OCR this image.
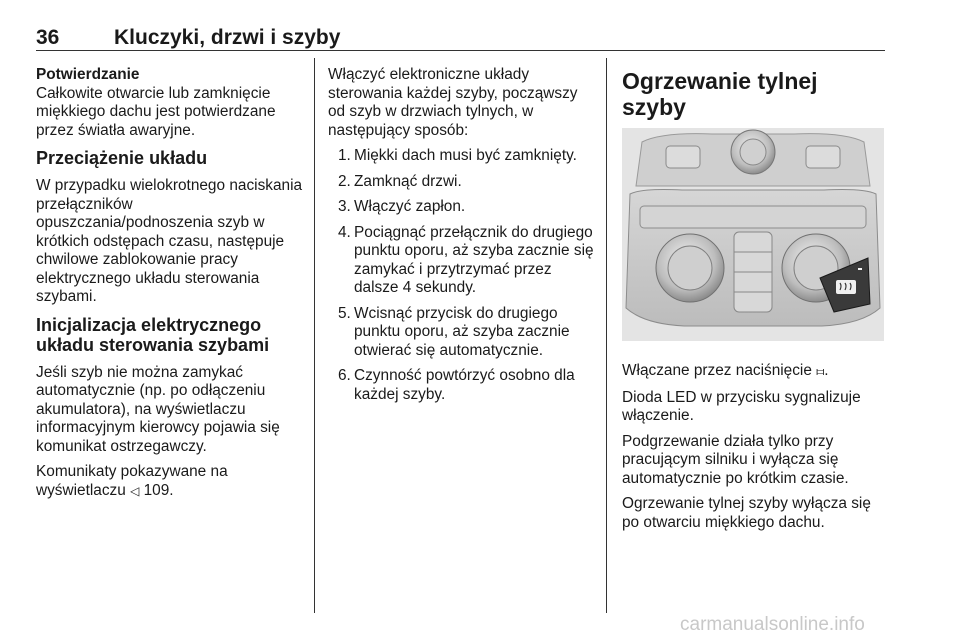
36	Kluczyki, drzwi i szyby
Potwierdzanie

Całkowite otwarcie lub zamknięcie miękkiego dachu jest potwierdzane przez światła awaryjne.

Przeciążenie układu

W przypadku wielokrotnego naciskania przełączników opuszczania/podnoszenia szyb w krótkich odstępach czasu, następuje chwilowe zablokowanie pracy elektrycznego układu sterowania szybami.

Inicjalizacja elektrycznego układu sterowania szybami

Jeśli szyb nie można zamykać automatycznie (np. po odłączeniu akumulatora), na wyświetlaczu informacyjnym kierowcy pojawia się komunikat ostrzegawczy.

Komunikaty pokazywane na wyświetlaczu ◁ 109.

Włączyć elektroniczne układy sterowania każdej szyby, począwszy od szyb w drzwiach tylnych, w następujący sposób:

1. Miękki dach musi być zamknięty.
2. Zamknąć drzwi.
3. Włączyć zapłon.
4. Pociągnąć przełącznik do drugiego punktu oporu, aż szyba zacznie się zamykać i przytrzymać przez dalsze 4 sekundy.
5. Wcisnąć przycisk do drugiego punktu oporu, aż szyba zacznie otwierać się automatycznie.
6. Czynność powtórzyć osobno dla każdej szyby.
Ogrzewanie tylnej szyby

Włączane przez naciśnięcie ⧦.

Dioda LED w przycisku sygnalizuje włączenie.

Podgrzewanie działa tylko przy pracującym silniku i wyłącza się automatycznie po krótkim czasie.

Ogrzewanie tylnej szyby wyłącza się po otwarciu miękkiego dachu.

carmanualsonline.info
